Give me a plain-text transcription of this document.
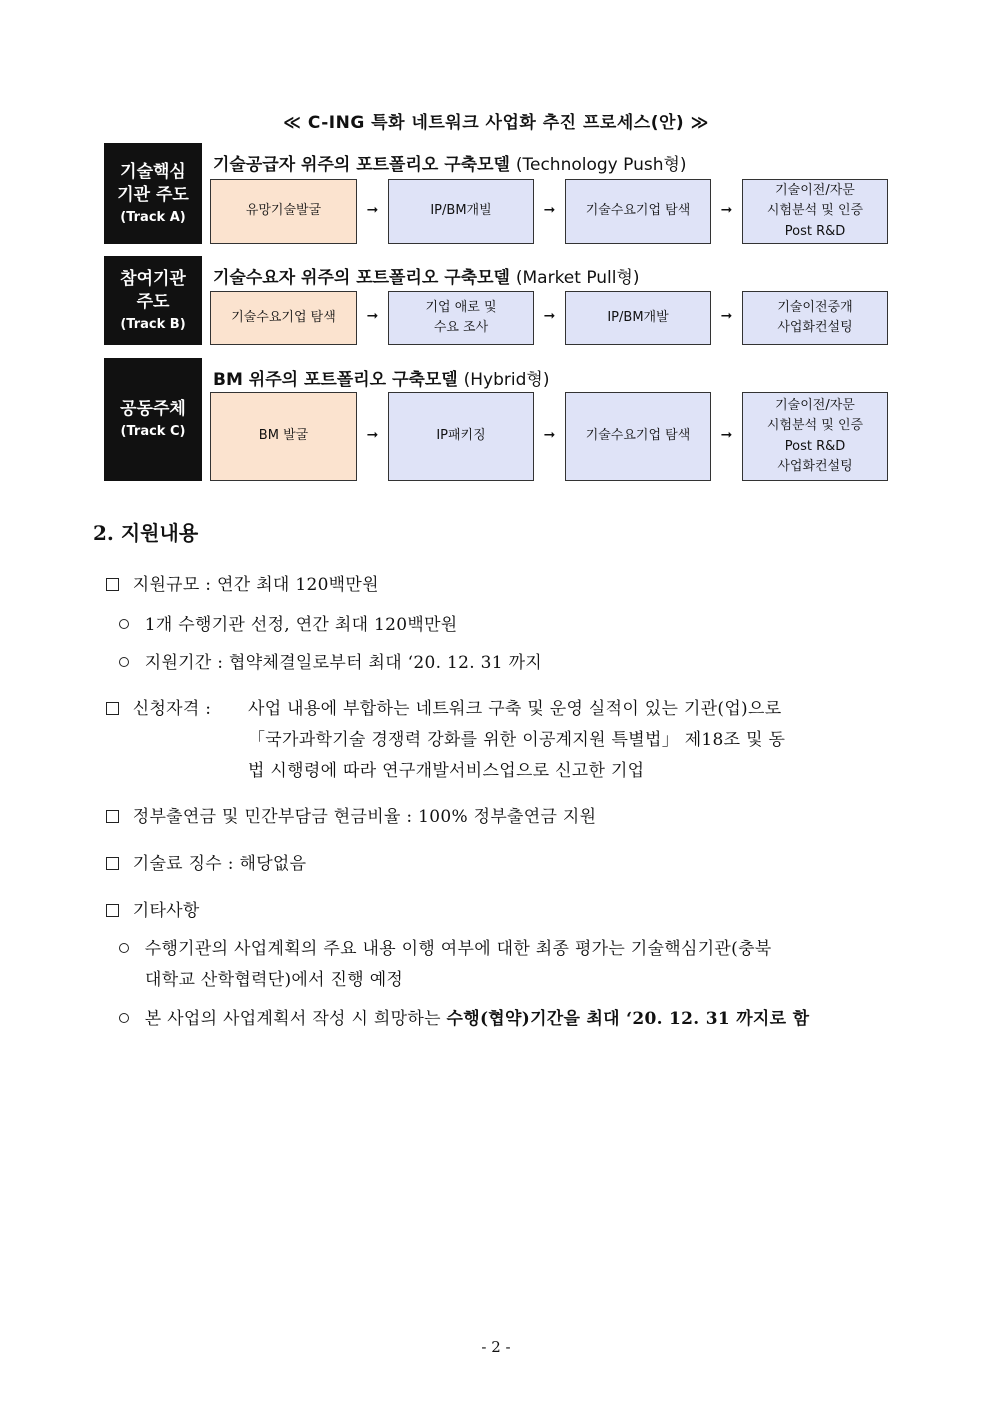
≪ C-ING 특화 네트워크 사업화 추진 프로세스(안) ≫
기술핵심
기관 주도
(Track A)
기술공급자 위주의 포트폴리오 구축모델 (Technology Push형)
유망기술발굴	➞	IP/BM개빌	➞	기술수요기업 탐색	➞
기술이전/자문
시험분석 및 인증
Post R&D
참여기관
주도
(Track B)
기술수요자 위주의 포트폴리오 구축모델 (Market Pull형)
기술수요기업 탐색	➞
기업 애로 및
수요 조사
➞	IP/BM개발	➞
기술이전중개
사업화컨설팅
공동주체
(Track C)
BM 위주의 포트폴리오 구축모델 (Hybrid형)
BM 발굴	➞	IP패키징	➞	기술수요기업 탐색	➞
기술이전/자문
시험분석 및 인증
Post R&D
사업화컨설팅
2. 지원내용
지원규모 : 연간 최대 120백만원
1개 수행기관 선정, 연간 최대 120백만원
지원기간 : 협약체결일로부터 최대 ‘20. 12. 31 까지
신청자격 : 사업 내용에 부합하는 네트워크 구축 및 운영 실적이 있는 기관(업)으로
「국가과학기술 경쟁력 강화를 위한 이공계지원 특별법」 제18조 및 동
법 시행령에 따라 연구개발서비스업으로 신고한 기업
정부출연금 및 민간부담금 현금비율 : 100% 정부출연금 지원
기술료 징수 : 해당없음
기타사항
수행기관의 사업계획의 주요 내용 이행 여부에 대한 최종 평가는 기술핵심기관(충북
대학교 산학협력단)에서 진행 예정
본 사업의 사업계획서 작성 시 희망하는 수행(협약)기간을 최대 ‘20. 12. 31 까지로 함
- 2 -
